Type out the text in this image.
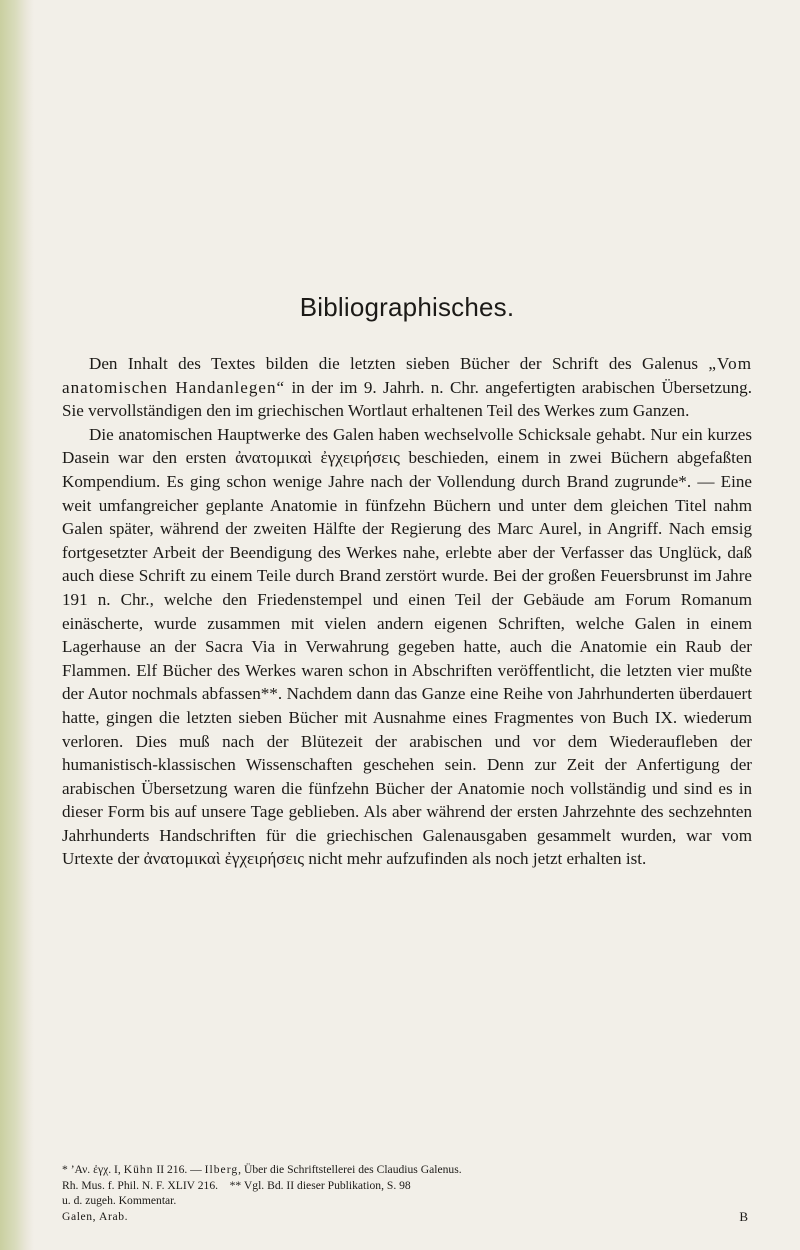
Bibliographisches.

Den Inhalt des Textes bilden die letzten sieben Bücher der Schrift des Galenus „Vom anatomischen Handanlegen“ in der im 9. Jahrh. n. Chr. angefertigten arabischen Übersetzung. Sie vervollständigen den im griechischen Wortlaut erhaltenen Teil des Werkes zum Ganzen.

Die anatomischen Hauptwerke des Galen haben wechselvolle Schicksale gehabt. Nur ein kurzes Dasein war den ersten ἀνατομικαὶ ἐγχειρήσεις beschieden, einem in zwei Büchern abgefaßten Kompendium. Es ging schon wenige Jahre nach der Vollendung durch Brand zugrunde*. — Eine weit umfangreicher geplante Anatomie in fünfzehn Büchern und unter dem gleichen Titel nahm Galen später, während der zweiten Hälfte der Regierung des Marc Aurel, in Angriff. Nach emsig fortgesetzter Arbeit der Beendigung des Werkes nahe, erlebte aber der Verfasser das Unglück, daß auch diese Schrift zu einem Teile durch Brand zerstört wurde. Bei der großen Feuersbrunst im Jahre 191 n. Chr., welche den Friedenstempel und einen Teil der Gebäude am Forum Romanum einäscherte, wurde zusammen mit vielen andern eigenen Schriften, welche Galen in einem Lagerhause an der Sacra Via in Verwahrung gegeben hatte, auch die Anatomie ein Raub der Flammen. Elf Bücher des Werkes waren schon in Abschriften veröffentlicht, die letzten vier mußte der Autor nochmals abfassen**. Nachdem dann das Ganze eine Reihe von Jahrhunderten überdauert hatte, gingen die letzten sieben Bücher mit Ausnahme eines Fragmentes von Buch IX. wiederum verloren. Dies muß nach der Blütezeit der arabischen und vor dem Wiederaufleben der humanistisch-klassischen Wissenschaften geschehen sein. Denn zur Zeit der Anfertigung der arabischen Übersetzung waren die fünfzehn Bücher der Anatomie noch vollständig und sind es in dieser Form bis auf unsere Tage geblieben. Als aber während der ersten Jahrzehnte des sechzehnten Jahrhunderts Handschriften für die griechischen Galenausgaben gesammelt wurden, war vom Urtexte der ἀνατομικαὶ ἐγχειρήσεις nicht mehr aufzufinden als noch jetzt erhalten ist.

* ’Αν. ἐγχ. I, Kühn II 216. — Ilberg, Über die Schriftstellerei des Claudius Galenus.
Rh. Mus. f. Phil. N. F. XLIV 216.    ** Vgl. Bd. II dieser Publikation, S. 98
u. d. zugeh. Kommentar.
Galen, Arab.	B
